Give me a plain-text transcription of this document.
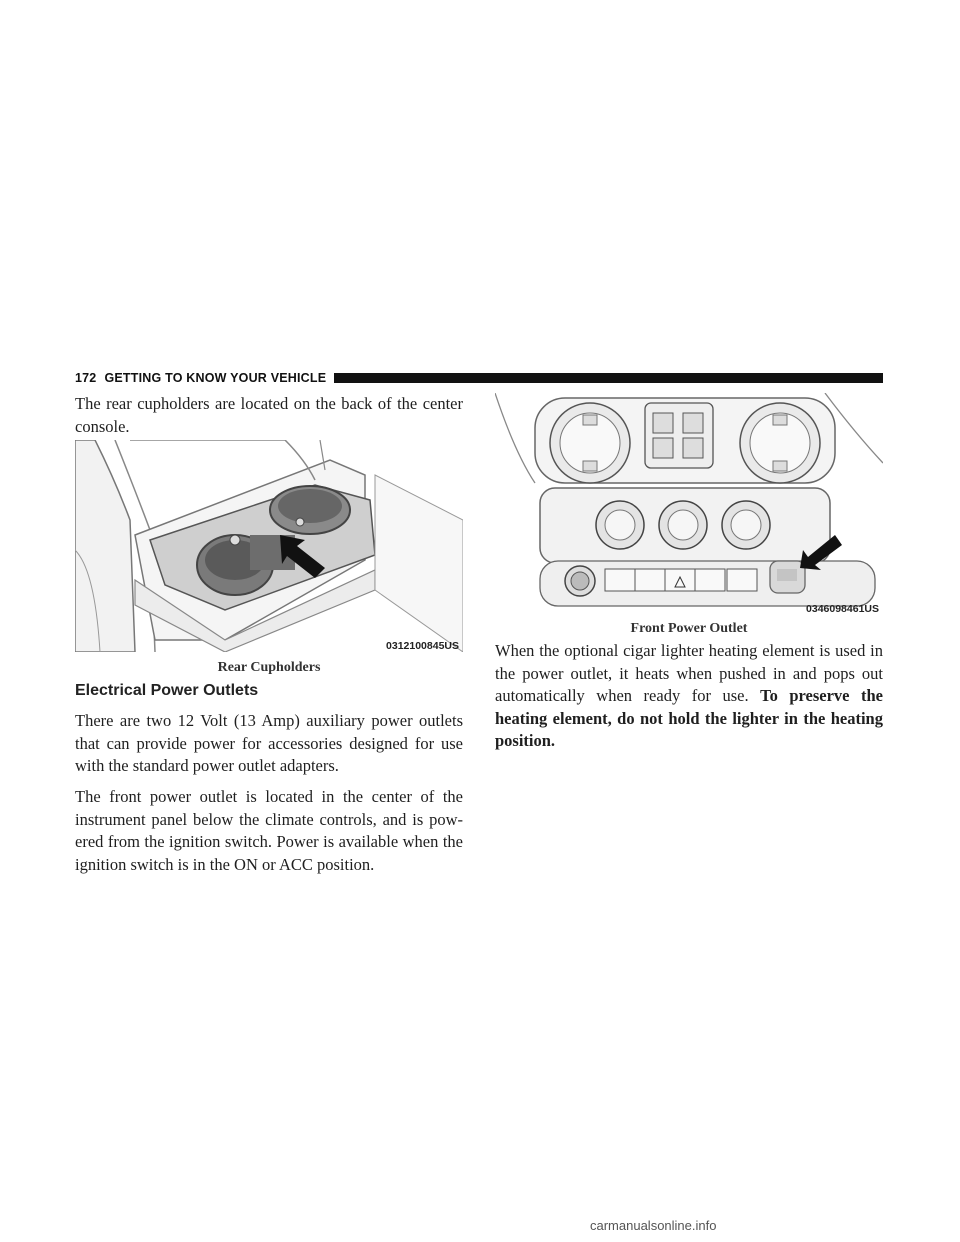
172 GETTING TO KNOW YOUR VEHICLE
The rear cupholders are located on the back of the center console.
0312100845US
Rear Cupholders
Electrical Power Outlets
There are two 12 Volt (13 Amp) auxiliary power outlets that can provide power for accessories designed for use with the standard power outlet adapters.
The front power outlet is located in the center of the instrument panel below the climate controls, and is pow- ered from the ignition switch. Power is available when the ignition switch is in the ON or ACC position.
0346098461US
Front Power Outlet
When the optional cigar lighter heating element is used in the power outlet, it heats when pushed in and pops out automatically when ready for use. To preserve the heating element, do not hold the lighter in the heating position.
carmanualsonline.info
